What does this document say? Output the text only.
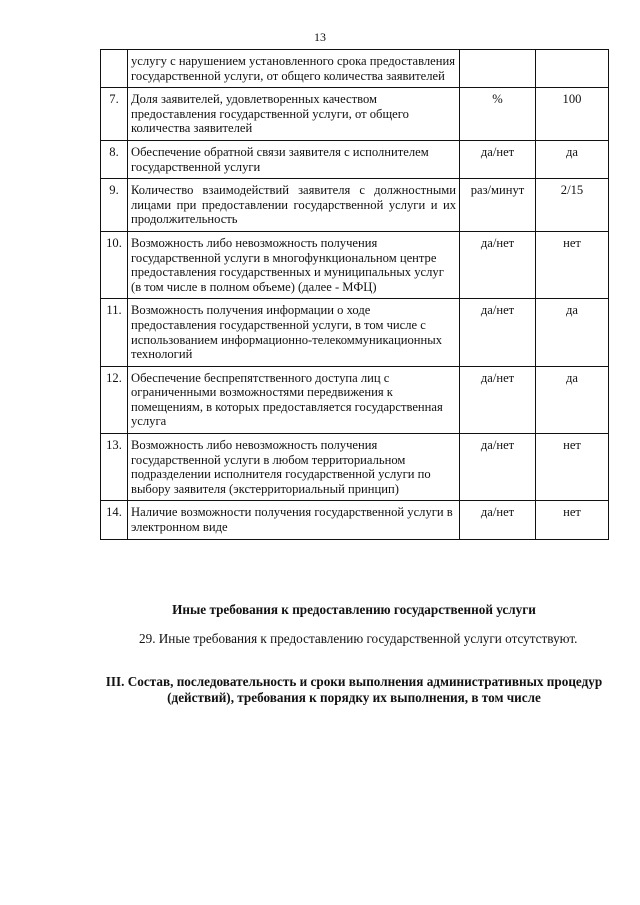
13
	услугу с нарушением установленного срока предоставления государственной услуги, от общего количества заявителей		
7.	Доля заявителей, удовлетворенных качеством предоставления государственной услуги, от общего количества заявителей	%	100
8.	Обеспечение обратной связи заявителя с исполнителем государственной услуги	да/нет	да
9.	Количество взаимодействий заявителя с должностными лицами при предоставлении государственной услуги и их продолжительность	раз/минут	2/15
10.	Возможность либо невозможность получения государственной услуги в многофункциональном центре предоставления государственных и муниципальных услуг (в том числе в полном объеме) (далее - МФЦ)	да/нет	нет
11.	Возможность получения информации о ходе предоставления государственной услуги, в том числе с использованием информационно-телекоммуникационных технологий	да/нет	да
12.	Обеспечение беспрепятственного доступа лиц с ограниченными возможностями передвижения к помещениям, в которых предоставляется государственная услуга	да/нет	да
13.	Возможность либо невозможность получения государственной услуги в любом территориальном подразделении исполнителя государственной услуги по выбору заявителя (экстерриториальный принцип)	да/нет	нет
14.	Наличие возможности получения государственной услуги в электронном виде	да/нет	нет
Иные требования к предоставлению государственной услуги
29. Иные требования к предоставлению государственной услуги отсутствуют.
III. Состав, последовательность и сроки выполнения административных процедур (действий), требования к порядку их выполнения, в том числе
